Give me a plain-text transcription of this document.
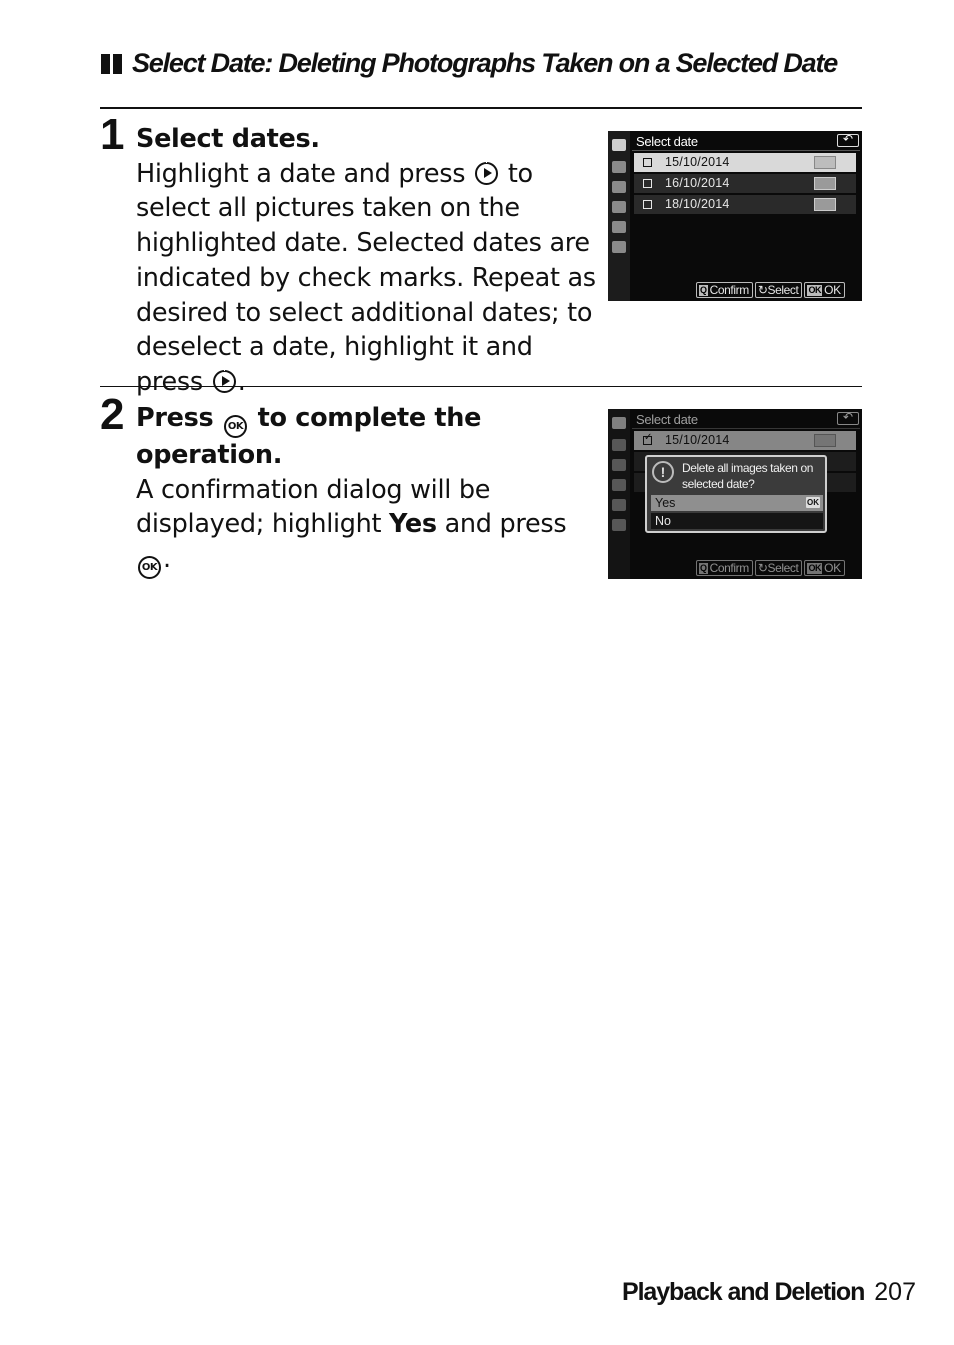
Select Date: Deleting Photographs Taken on a Selected Date
1 Select dates.
Highlight a date and press to select all pictures taken on the highlighted date. Selected dates are indicated by check marks. Repeat as desired to select additional dates; to deselect a date, highlight it and press .
Select date
↶
15/10/2014
16/10/2014
18/10/2014
Q Confirm ↻Select OK OK
2 Press OK to complete the operation.
A confirmation dialog will be displayed; highlight Yes and press OK .
Select date
↶
✓
15/10/2014
Q Confirm ↻Select OK OK
!
Delete all images taken on selected date?
Yes	OK
No
Playback and Deletion 207
